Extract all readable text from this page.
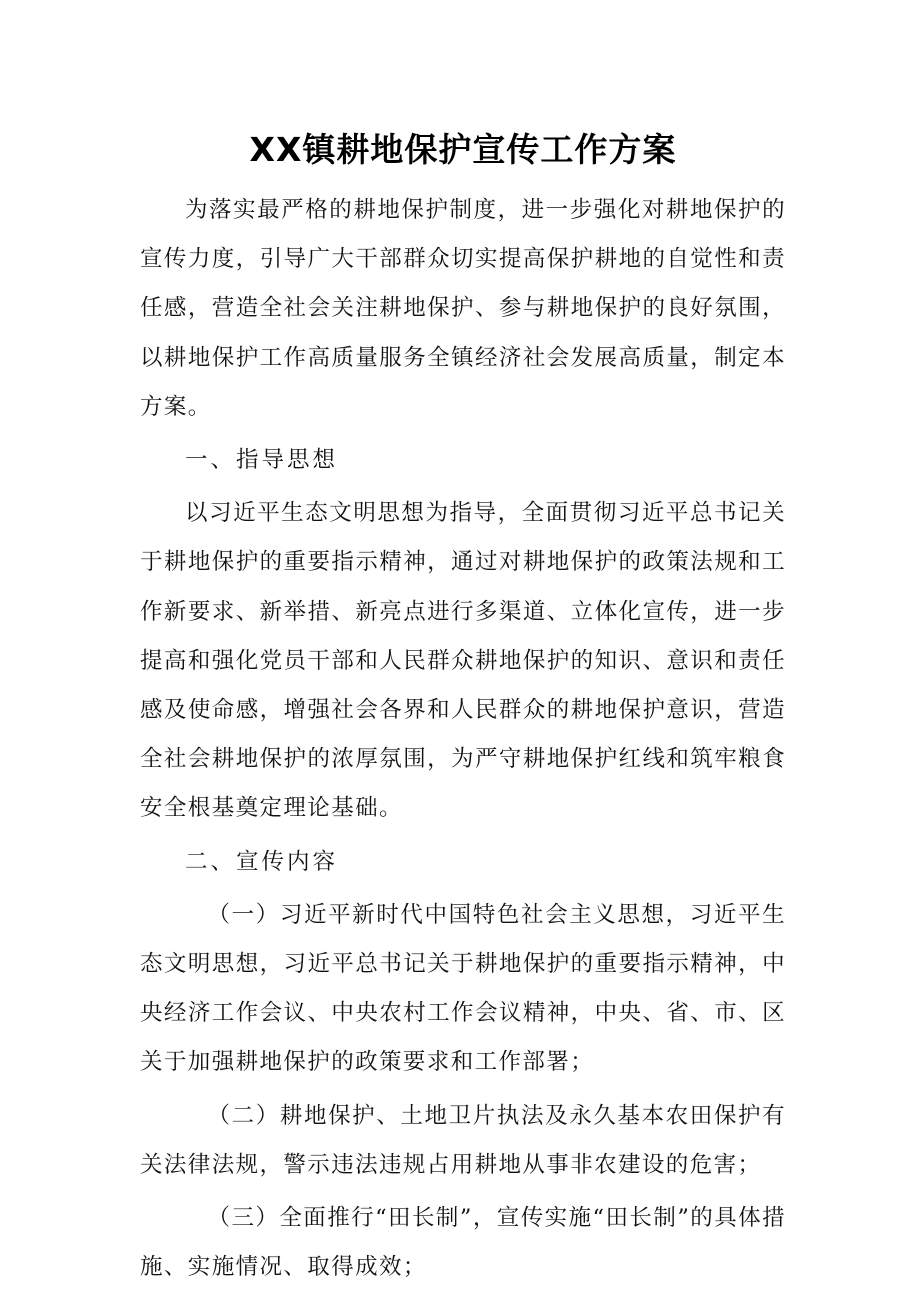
XX镇耕地保护宣传工作方案

为落实最严格的耕地保护制度，进一步强化对耕地保护的宣传力度，引导广大干部群众切实提高保护耕地的自觉性和责任感，营造全社会关注耕地保护、参与耕地保护的良好氛围，以耕地保护工作高质量服务全镇经济社会发展高质量，制定本方案。

一、指导思想

以习近平生态文明思想为指导，全面贯彻习近平总书记关于耕地保护的重要指示精神，通过对耕地保护的政策法规和工作新要求、新举措、新亮点进行多渠道、立体化宣传，进一步提高和强化党员干部和人民群众耕地保护的知识、意识和责任感及使命感，增强社会各界和人民群众的耕地保护意识，营造全社会耕地保护的浓厚氛围，为严守耕地保护红线和筑牢粮食安全根基奠定理论基础。

二、宣传内容

（一）习近平新时代中国特色社会主义思想，习近平生态文明思想，习近平总书记关于耕地保护的重要指示精神，中央经济工作会议、中央农村工作会议精神，中央、省、市、区关于加强耕地保护的政策要求和工作部署；

（二）耕地保护、土地卫片执法及永久基本农田保护有关法律法规，警示违法违规占用耕地从事非农建设的危害；

（三）全面推行“田长制”，宣传实施“田长制”的具体措施、实施情况、取得成效；
